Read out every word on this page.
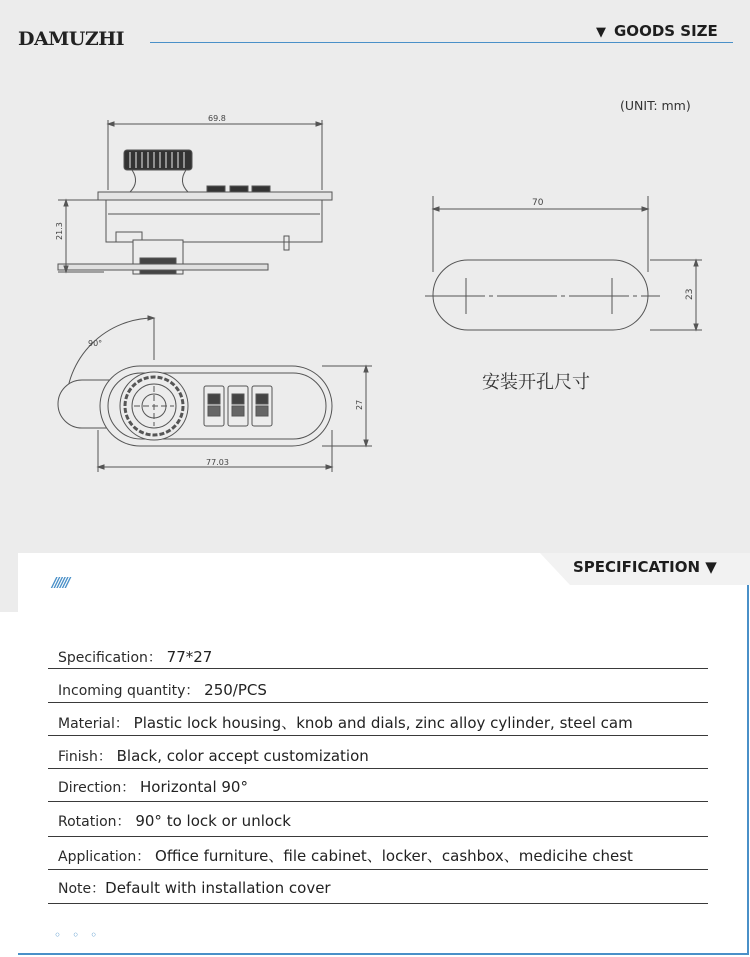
DAMUZHI	▼ GOODS SIZE
(UNIT: mm)
69.8
21.3
90°
27
77.03
70
23
安装开孔尺寸
SPECIFICATION ▼
//////
Specification： 77*27
Incoming quantity： 250/PCS
Material： Plastic lock housing、knob and dials, zinc alloy cylinder, steel cam
Finish： Black, color accept customization
Direction： Horizontal 90°
Rotation： 90° to lock or unlock
Application： Office furniture、file cabinet、locker、cashbox、medicihe chest
Note：Default with installation cover
◦◦◦
